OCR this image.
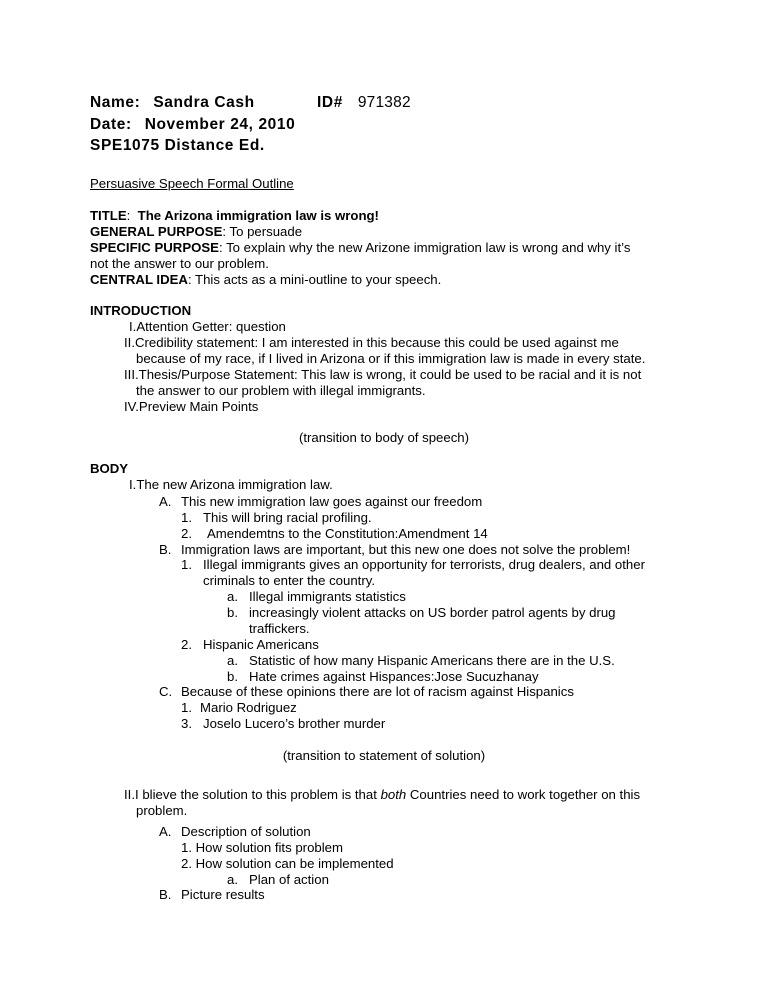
Name: Sandra Cash	ID# 971382
Date: November 24, 2010
SPE1075 Distance Ed.
Persuasive Speech Formal Outline
TITLE:  The Arizona immigration law is wrong!
GENERAL PURPOSE: To persuade
SPECIFIC PURPOSE: To explain why the new Arizone immigration law is wrong and why it’s
not the answer to our problem.
CENTRAL IDEA: This acts as a mini-outline to your speech.
INTRODUCTION
I.Attention Getter: question
II.Credibility statement: I am interested in this because this could be used against me
because of my race, if I lived in Arizona or if this immigration law is made in every state.
III.Thesis/Purpose Statement: This law is wrong, it could be used to be racial and it is not
the answer to our problem with illegal immigrants.
IV.Preview Main Points
(transition to body of speech)
BODY
I.The new Arizona immigration law.
A. This new immigration law goes against our freedom
1. This will bring racial profiling.
2. Amendemtns to the Constitution:Amendment 14
B. Immigration laws are important, but this new one does not solve the problem!
1. Illegal immigrants gives an opportunity for terrorists, drug dealers, and other
criminals to enter the country.
a. Illegal immigrants statistics
b. increasingly violent attacks on US border patrol agents by drug
traffickers.
2. Hispanic Americans
a. Statistic of how many Hispanic Americans there are in the U.S.
b. Hate crimes against Hispances:Jose Sucuzhanay
C. Because of these opinions there are lot of racism against Hispanics
1. Mario Rodriguez
3. Joselo Lucero’s brother murder
(transition to statement of solution)
II.I blieve the solution to this problem is that both Countries need to work together on this
problem.
A. Description of solution
1. How solution fits problem
2. How solution can be implemented
a. Plan of action
B. Picture results
